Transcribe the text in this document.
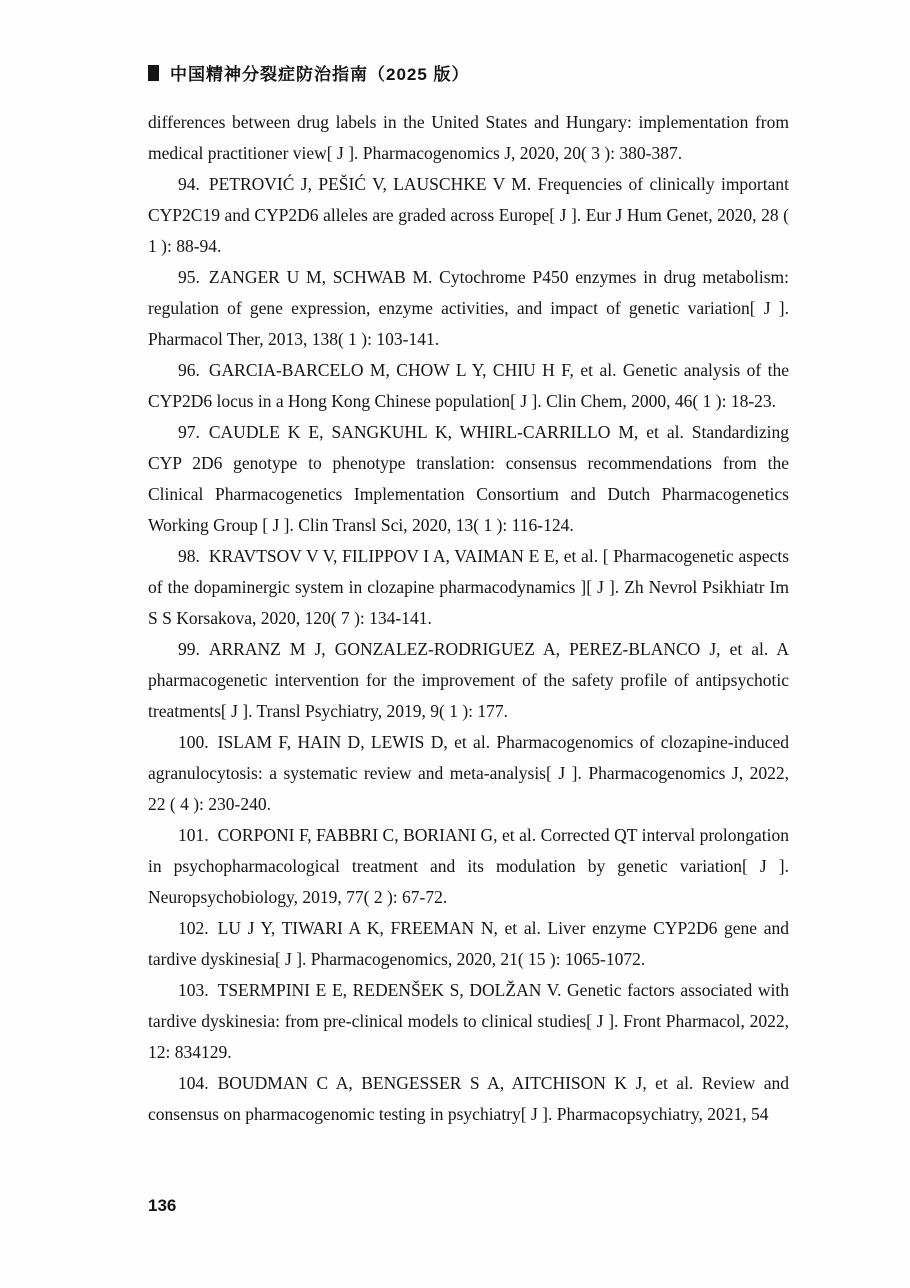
中国精神分裂症防治指南（2025 版）

differences between drug labels in the United States and Hungary: implementation from medical practitioner view[ J ]. Pharmacogenomics J, 2020, 20( 3 ): 380-387.

94. PETROVIĆ J, PEŠIĆ V, LAUSCHKE V M. Frequencies of clinically important CYP2C19 and CYP2D6 alleles are graded across Europe[ J ]. Eur J Hum Genet, 2020, 28 ( 1 ): 88-94.

95. ZANGER U M, SCHWAB M. Cytochrome P450 enzymes in drug metabolism: regulation of gene expression, enzyme activities, and impact of genetic variation[ J ]. Pharmacol Ther, 2013, 138( 1 ): 103-141.

96. GARCIA-BARCELO M, CHOW L Y, CHIU H F, et al. Genetic analysis of the CYP2D6 locus in a Hong Kong Chinese population[ J ]. Clin Chem, 2000, 46( 1 ): 18-23.

97. CAUDLE K E, SANGKUHL K, WHIRL-CARRILLO M, et al. Standardizing CYP 2D6 genotype to phenotype translation: consensus recommendations from the Clinical Pharmacogenetics Implementation Consortium and Dutch Pharmacogenetics Working Group [ J ]. Clin Transl Sci, 2020, 13( 1 ): 116-124.

98. KRAVTSOV V V, FILIPPOV I A, VAIMAN E E, et al. [ Pharmacogenetic aspects of the dopaminergic system in clozapine pharmacodynamics ][ J ]. Zh Nevrol Psikhiatr Im S S Korsakova, 2020, 120( 7 ): 134-141.

99. ARRANZ M J, GONZALEZ-RODRIGUEZ A, PEREZ-BLANCO J, et al. A pharmacogenetic intervention for the improvement of the safety profile of antipsychotic treatments[ J ]. Transl Psychiatry, 2019, 9( 1 ): 177.

100. ISLAM F, HAIN D, LEWIS D, et al. Pharmacogenomics of clozapine-induced agranulocytosis: a systematic review and meta-analysis[ J ]. Pharmacogenomics J, 2022, 22 ( 4 ): 230-240.

101. CORPONI F, FABBRI C, BORIANI G, et al. Corrected QT interval prolongation in psychopharmacological treatment and its modulation by genetic variation[ J ]. Neuropsychobiology, 2019, 77( 2 ): 67-72.

102. LU J Y, TIWARI A K, FREEMAN N, et al. Liver enzyme CYP2D6 gene and tardive dyskinesia[ J ]. Pharmacogenomics, 2020, 21( 15 ): 1065-1072.

103. TSERMPINI E E, REDENŠEK S, DOLŽAN V. Genetic factors associated with tardive dyskinesia: from pre-clinical models to clinical studies[ J ]. Front Pharmacol, 2022, 12: 834129.

104. BOUDMAN C A, BENGESSER S A, AITCHISON K J, et al. Review and consensus on pharmacogenomic testing in psychiatry[ J ]. Pharmacopsychiatry, 2021, 54

136
